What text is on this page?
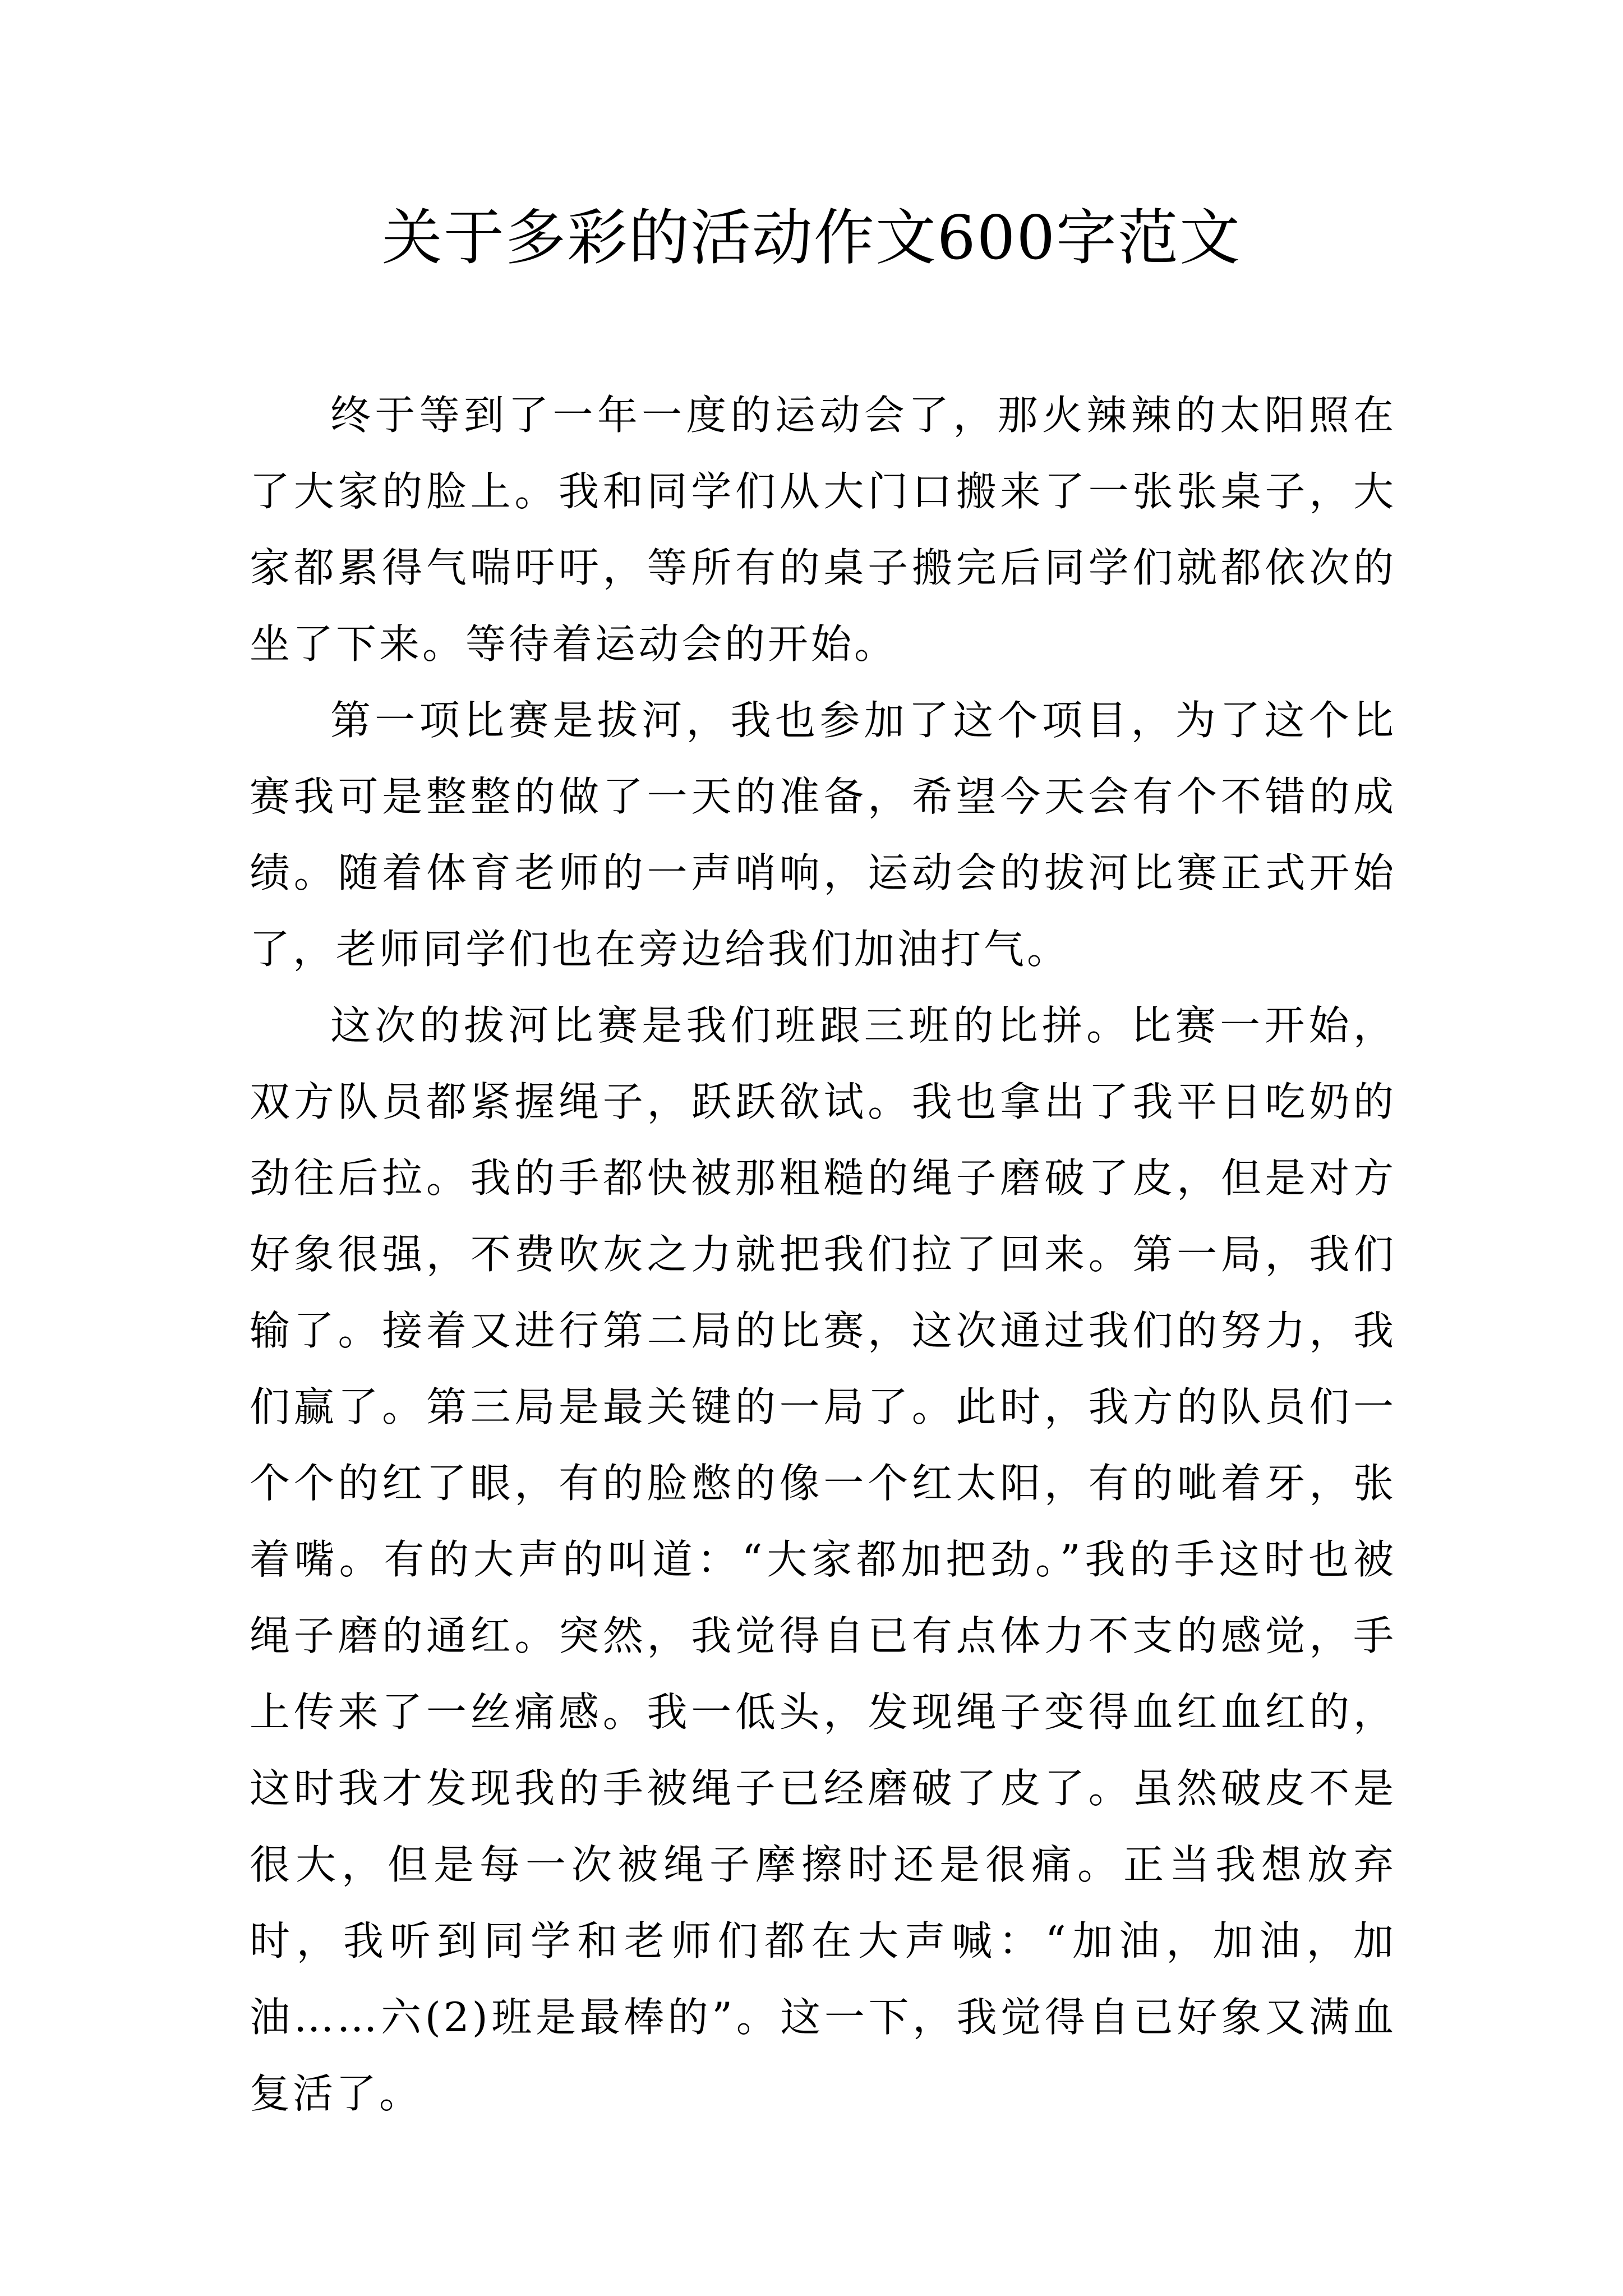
关于多彩的活动作文600字范文

终于等到了一年一度的运动会了，那火辣辣的太阳照在了大家的脸上。我和同学们从大门口搬来了一张张桌子，大家都累得气喘吁吁，等所有的桌子搬完后同学们就都依次的坐了下来。等待着运动会的开始。

第一项比赛是拔河，我也参加了这个项目，为了这个比赛我可是整整的做了一天的准备，希望今天会有个不错的成绩。随着体育老师的一声哨响，运动会的拔河比赛正式开始了，老师同学们也在旁边给我们加油打气。

这次的拔河比赛是我们班跟三班的比拼。比赛一开始，双方队员都紧握绳子，跃跃欲试。我也拿出了我平日吃奶的劲往后拉。我的手都快被那粗糙的绳子磨破了皮，但是对方好象很强，不费吹灰之力就把我们拉了回来。第一局，我们输了。接着又进行第二局的比赛，这次通过我们的努力，我们赢了。第三局是最关键的一局了。此时，我方的队员们一个个的红了眼，有的脸憋的像一个红太阳，有的呲着牙，张着嘴。有的大声的叫道：“大家都加把劲。”我的手这时也被绳子磨的通红。突然，我觉得自已有点体力不支的感觉，手上传来了一丝痛感。我一低头，发现绳子变得血红血红的，这时我才发现我的手被绳子已经磨破了皮了。虽然破皮不是很大，但是每一次被绳子摩擦时还是很痛。正当我想放弃时，我听到同学和老师们都在大声喊：“加油，加油，加油……六(2)班是最棒的”。这一下，我觉得自已好象又满血复活了。
